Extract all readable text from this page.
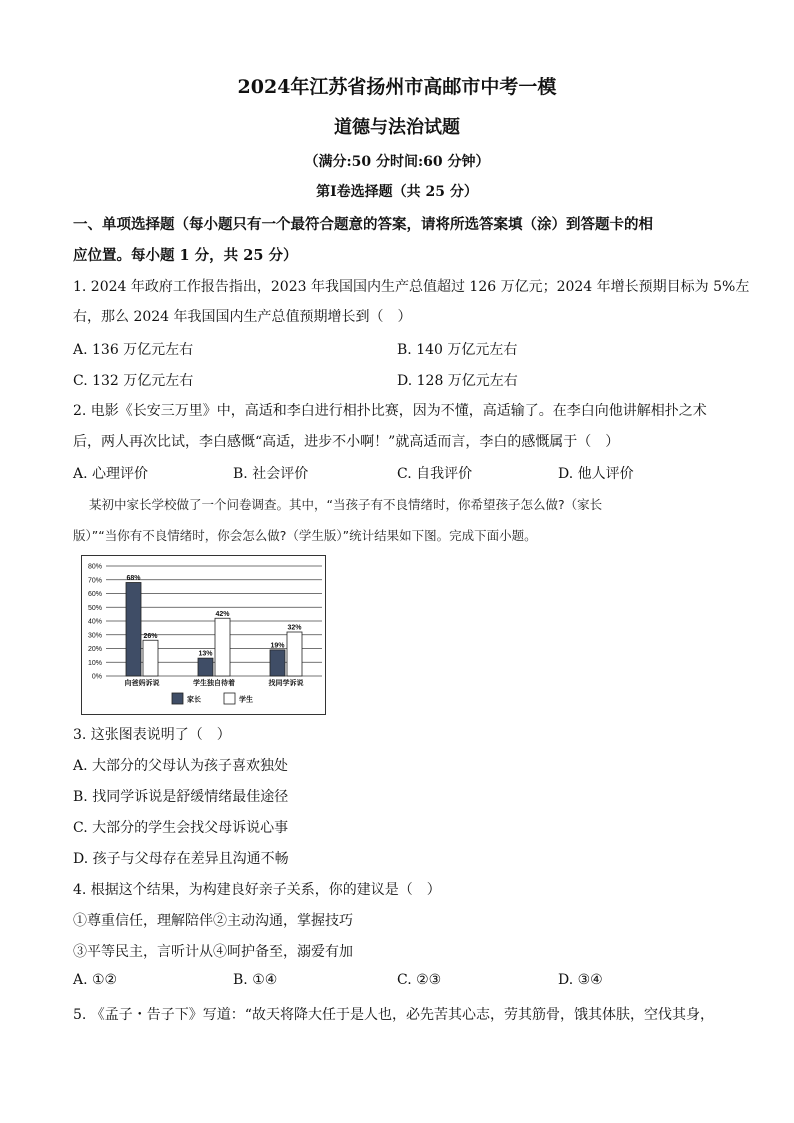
2024年江苏省扬州市高邮市中考一模
道德与法治试题
（满分:50 分时间:60 分钟）
第Ⅰ卷选择题（共 25 分）
一、单项选择题（每小题只有一个最符合题意的答案，请将所选答案填（涂）到答题卡的相
应位置。每小题 1 分，共 25 分）
1. 2024 年政府工作报告指出，2023 年我国国内生产总值超过 126 万亿元；2024 年增长预期目标为 5%左
右，那么 2024 年我国国内生产总值预期增长到（　）
A. 136 万亿元左右	B. 140 万亿元左右
C. 132 万亿元左右	D. 128 万亿元左右
2. 电影《长安三万里》中，高适和李白进行相扑比赛，因为不懂，高适输了。在李白向他讲解相扑之术
后，两人再次比试，李白感慨“高适，进步不小啊！”就高适而言，李白的感慨属于（　）
A. 心理评价	B. 社会评价	C. 自我评价	D. 他人评价
某初中家长学校做了一个问卷调查。其中，“当孩子有不良情绪时，你希望孩子怎么做?（家长
版）”“当你有不良情绪时，你会怎么做?（学生版）”统计结果如下图。完成下面小题。
0%
10%
20%
30%
40%
50%
60%
70%
80%
68%
26%
向爸妈诉说
13%
42%
学生独自待着
19%
32%
找同学诉说
家长	学生
3. 这张图表说明了（　）
A. 大部分的父母认为孩子喜欢独处
B. 找同学诉说是舒缓情绪最佳途径
C. 大部分的学生会找父母诉说心事
D. 孩子与父母存在差异且沟通不畅
4. 根据这个结果，为构建良好亲子关系，你的建议是（　）
①尊重信任，理解陪伴②主动沟通，掌握技巧
③平等民主，言听计从④呵护备至，溺爱有加
A. ①②	B. ①④	C. ②③	D. ③④
5. 《孟子・告子下》写道：“故天将降大任于是人也，必先苦其心志，劳其筋骨，饿其体肤，空伐其身，
